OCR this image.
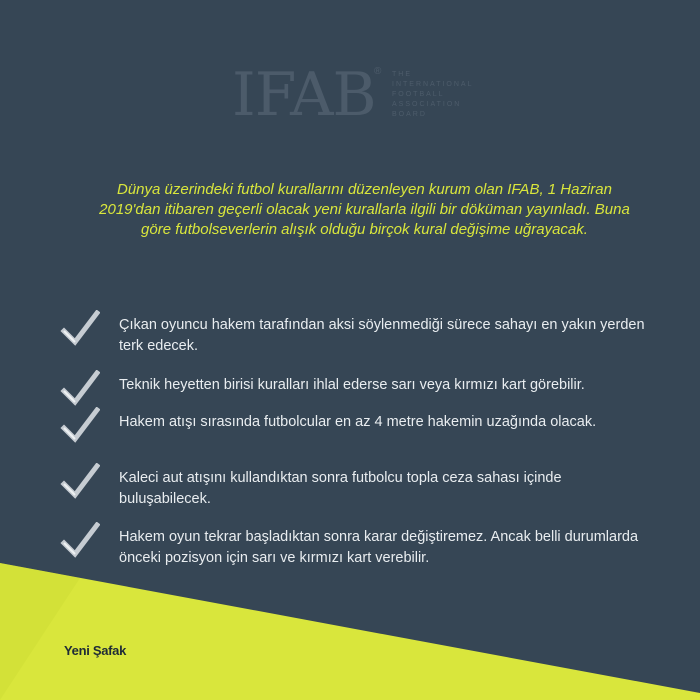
IFAB
® THE INTERNATIONAL FOOTBALL ASSOCIATION BOARD
Dünya üzerindeki futbol kurallarını düzenleyen kurum olan IFAB, 1 Haziran 2019'dan itibaren geçerli olacak yeni kurallarla ilgili bir döküman yayınladı. Buna göre futbolseverlerin alışık olduğu birçok kural değişime uğrayacak.
Çıkan oyuncu hakem tarafından aksi söylenmediği sürece sahayı en yakın yerden terk edecek.
Teknik heyetten birisi kuralları ihlal ederse sarı veya kırmızı kart görebilir.
Hakem atışı sırasında futbolcular en az 4 metre hakemin uzağında olacak.
Kaleci aut atışını kullandıktan sonra futbolcu topla ceza sahası içinde buluşabilecek.
Hakem oyun tekrar başladıktan sonra karar değiştiremez. Ancak belli durumlarda önceki pozisyon için sarı ve kırmızı kart verebilir.
Yeni Şafak
